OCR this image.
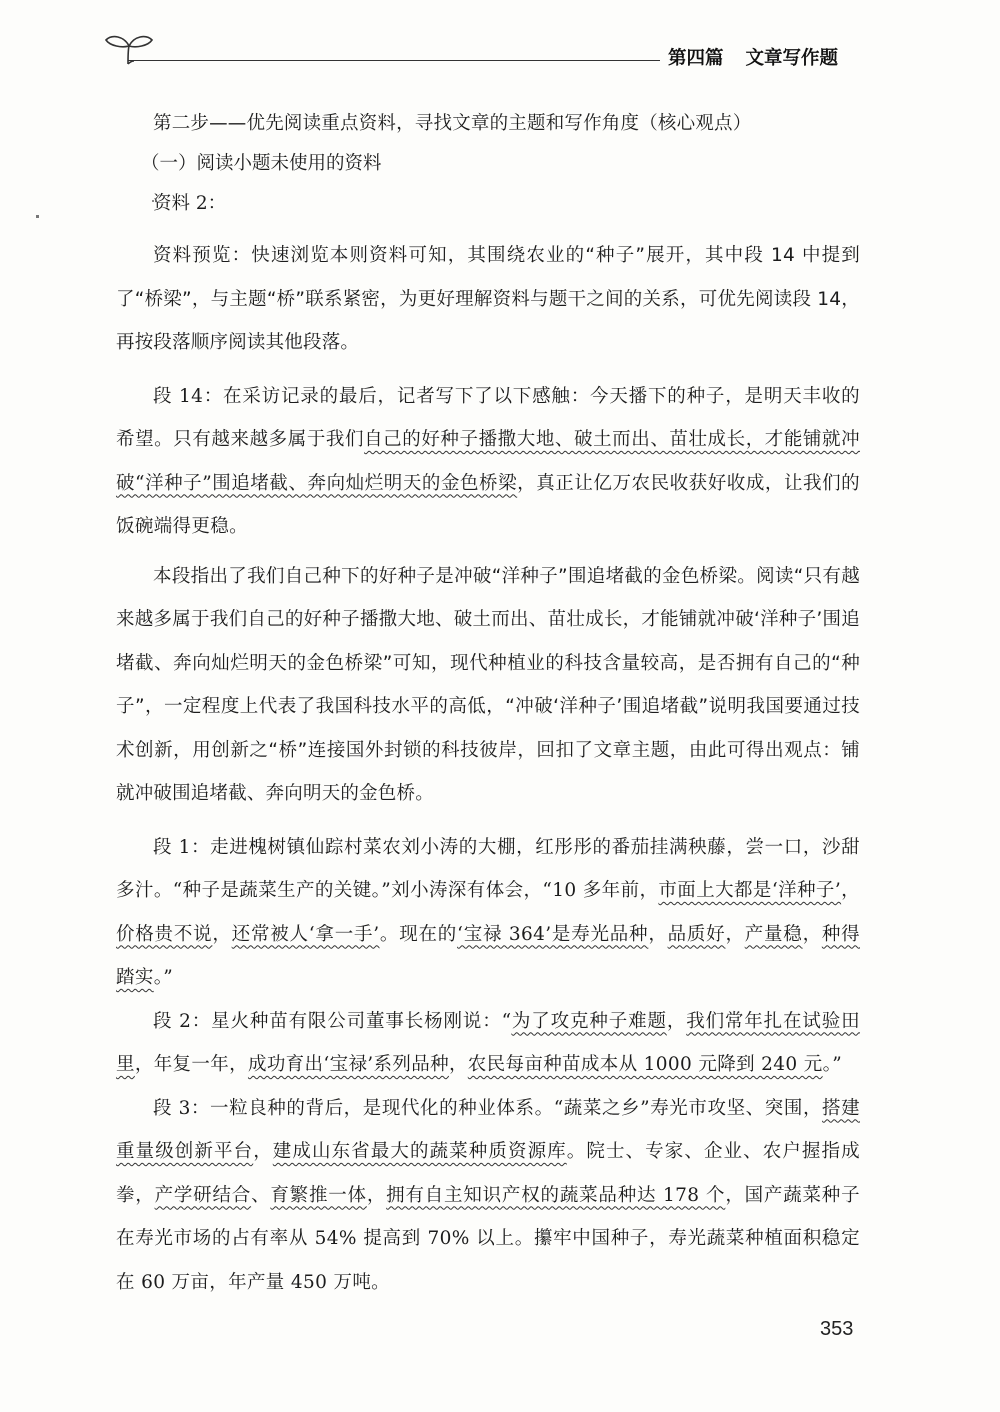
第四篇 文章写作题

第二步——优先阅读重点资料，寻找文章的主题和写作角度（核心观点）

（一）阅读小题未使用的资料

资料 2：

资料预览：快速浏览本则资料可知，其围绕农业的“种子”展开，其中段 14 中提到了“桥梁”，与主题“桥”联系紧密，为更好理解资料与题干之间的关系，可优先阅读段 14，再按段落顺序阅读其他段落。

段 14：在采访记录的最后，记者写下了以下感触：今天播下的种子，是明天丰收的希望。只有越来越多属于我们自己的好种子播撒大地、破土而出、苗壮成长，才能铺就冲破“洋种子”围追堵截、奔向灿烂明天的金色桥梁，真正让亿万农民收获好收成，让我们的饭碗端得更稳。

本段指出了我们自己种下的好种子是冲破“洋种子”围追堵截的金色桥梁。阅读“只有越来越多属于我们自己的好种子播撒大地、破土而出、苗壮成长，才能铺就冲破‘洋种子’围追堵截、奔向灿烂明天的金色桥梁”可知，现代种植业的科技含量较高，是否拥有自己的“种子”，一定程度上代表了我国科技水平的高低，“冲破‘洋种子’围追堵截”说明我国要通过技术创新，用创新之“桥”连接国外封锁的科技彼岸，回扣了文章主题，由此可得出观点：铺就冲破围追堵截、奔向明天的金色桥。

段 1：走进槐树镇仙踪村菜农刘小涛的大棚，红彤彤的番茄挂满秧藤，尝一口，沙甜多汁。“种子是蔬菜生产的关键。”刘小涛深有体会，“10 多年前，市面上大都是‘洋种子’，价格贵不说，还常被人‘拿一手’。现在的‘宝禄 364’是寿光品种，品质好，产量稳，种得踏实。”

段 2：星火种苗有限公司董事长杨刚说：“为了攻克种子难题，我们常年扎在试验田里，年复一年，成功育出‘宝禄’系列品种，农民每亩种苗成本从 1000 元降到 240 元。”

段 3：一粒良种的背后，是现代化的种业体系。“蔬菜之乡”寿光市攻坚、突围，搭建重量级创新平台，建成山东省最大的蔬菜种质资源库。院士、专家、企业、农户握指成拳，产学研结合、育繁推一体，拥有自主知识产权的蔬菜品种达 178 个，国产蔬菜种子在寿光市场的占有率从 54% 提高到 70% 以上。攥牢中国种子，寿光蔬菜种植面积稳定在 60 万亩，年产量 450 万吨。

353
